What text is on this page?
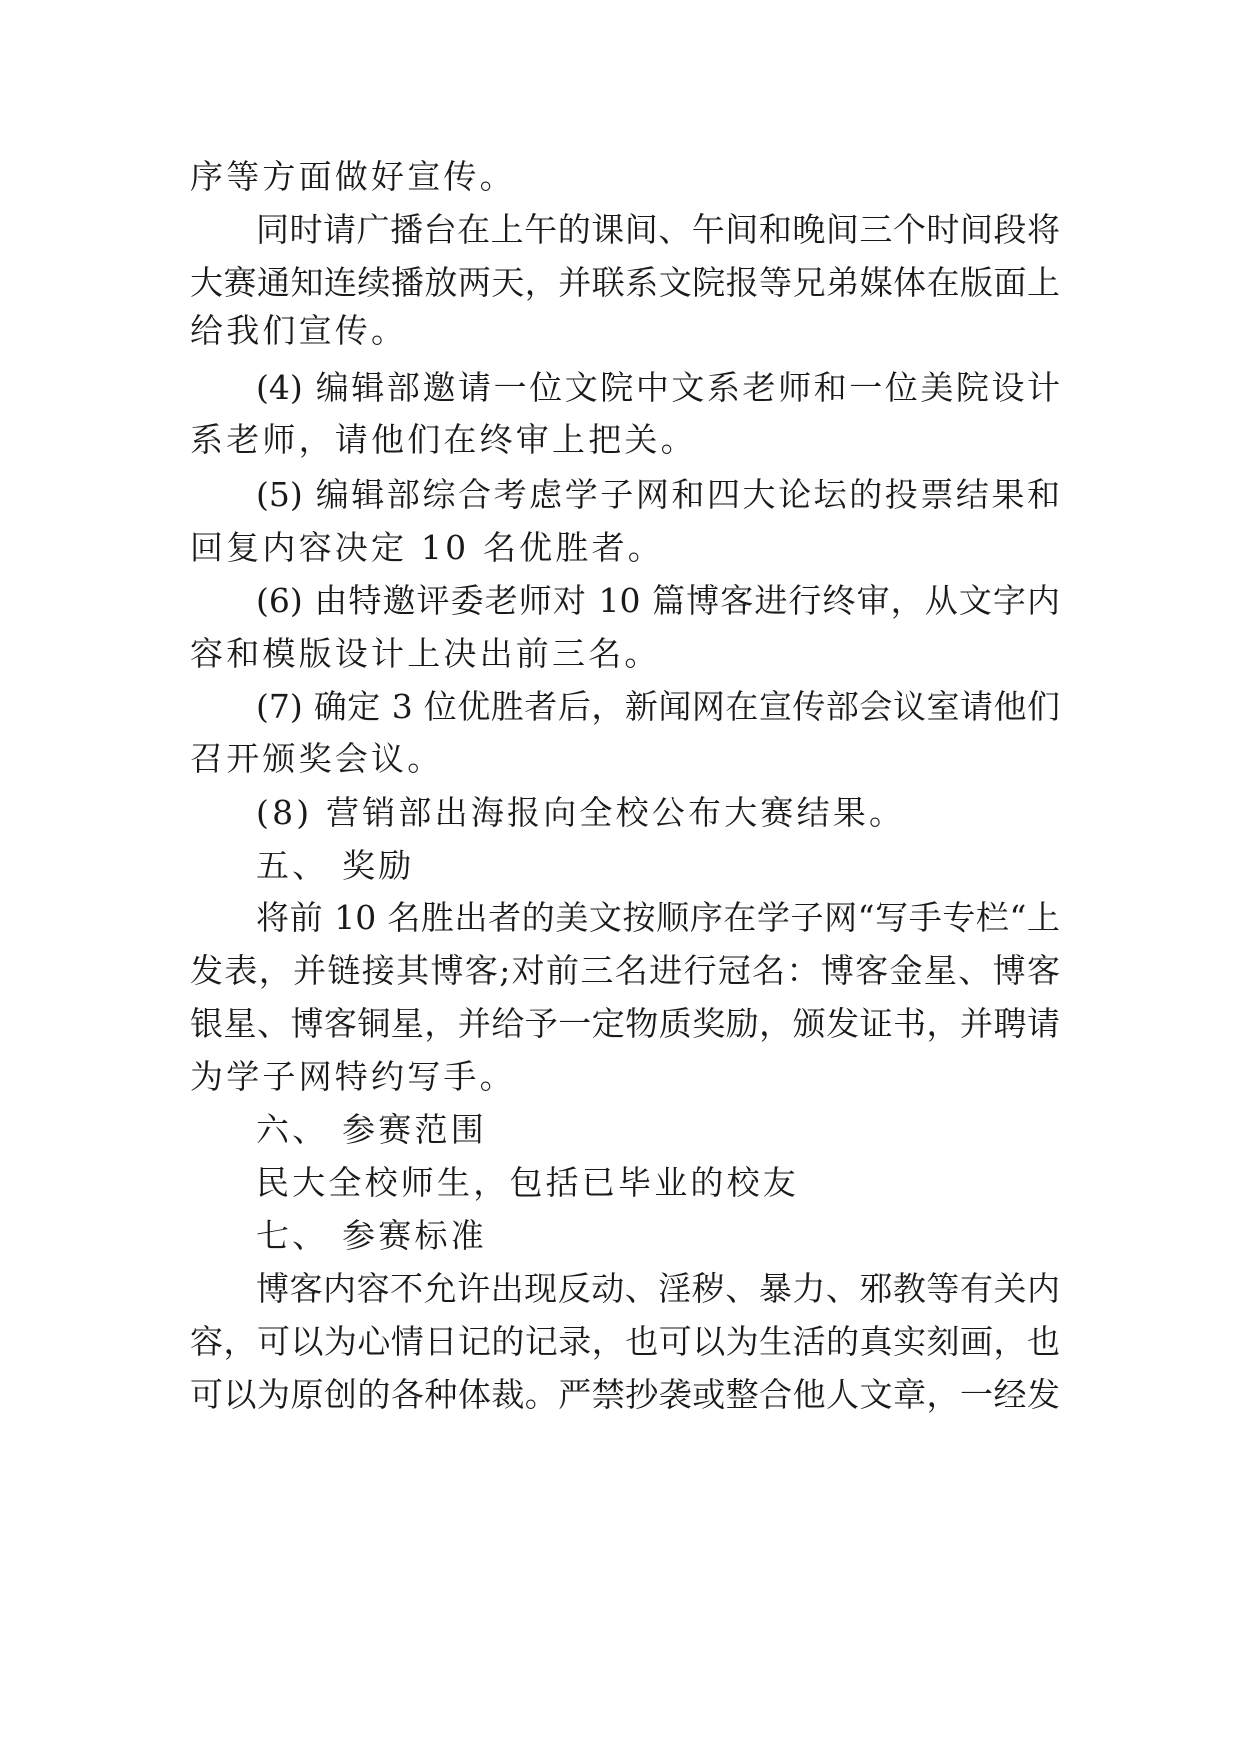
序等方面做好宣传。
同时请广播台在上午的课间、午间和晚间三个时间段将
大赛通知连续播放两天，并联系文院报等兄弟媒体在版面上
给我们宣传。
(4) 编辑部邀请一位文院中文系老师和一位美院设计
系老师，请他们在终审上把关。
(5) 编辑部综合考虑学子网和四大论坛的投票结果和
回复内容决定 10 名优胜者。
(6) 由特邀评委老师对 10 篇博客进行终审，从文字内
容和模版设计上决出前三名。
(7) 确定 3 位优胜者后，新闻网在宣传部会议室请他们
召开颁奖会议。
(8) 营销部出海报向全校公布大赛结果。
五、 奖励
将前 10 名胜出者的美文按顺序在学子网“写手专栏“上
发表，并链接其博客;对前三名进行冠名：博客金星、博客
银星、博客铜星，并给予一定物质奖励，颁发证书，并聘请
为学子网特约写手。
六、 参赛范围
民大全校师生，包括已毕业的校友
七、 参赛标准
博客内容不允许出现反动、淫秽、暴力、邪教等有关内
容，可以为心情日记的记录，也可以为生活的真实刻画，也
可以为原创的各种体裁。严禁抄袭或整合他人文章，一经发
